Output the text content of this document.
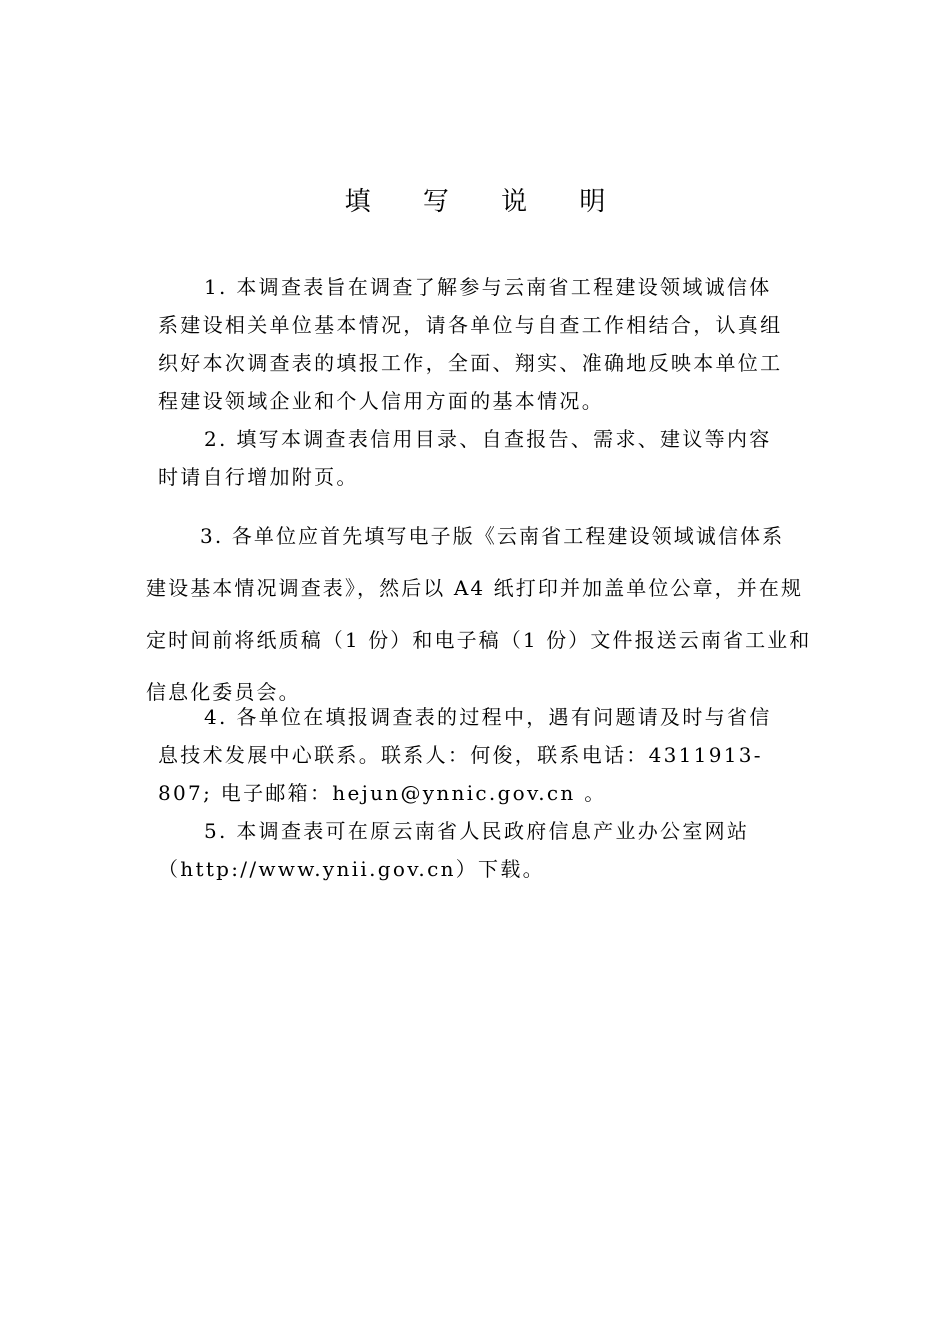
填 写 说 明
1. 本调查表旨在调查了解参与云南省工程建设领域诚信体
系建设相关单位基本情况，请各单位与自查工作相结合，认真组
织好本次调查表的填报工作，全面、翔实、准确地反映本单位工
程建设领域企业和个人信用方面的基本情况。
2. 填写本调查表信用目录、自查报告、需求、建议等内容
时请自行增加附页。
3. 各单位应首先填写电子版《云南省工程建设领域诚信体系
建设基本情况调查表》，然后以 A4 纸打印并加盖单位公章，并在规
定时间前将纸质稿（1 份）和电子稿（1 份）文件报送云南省工业和
信息化委员会。
4. 各单位在填报调查表的过程中，遇有问题请及时与省信
息技术发展中心联系。联系人：何俊，联系电话：4311913-
807; 电子邮箱：hejun@ynnic.gov.cn 。
5. 本调查表可在原云南省人民政府信息产业办公室网站
（http://www.ynii.gov.cn）下载。
